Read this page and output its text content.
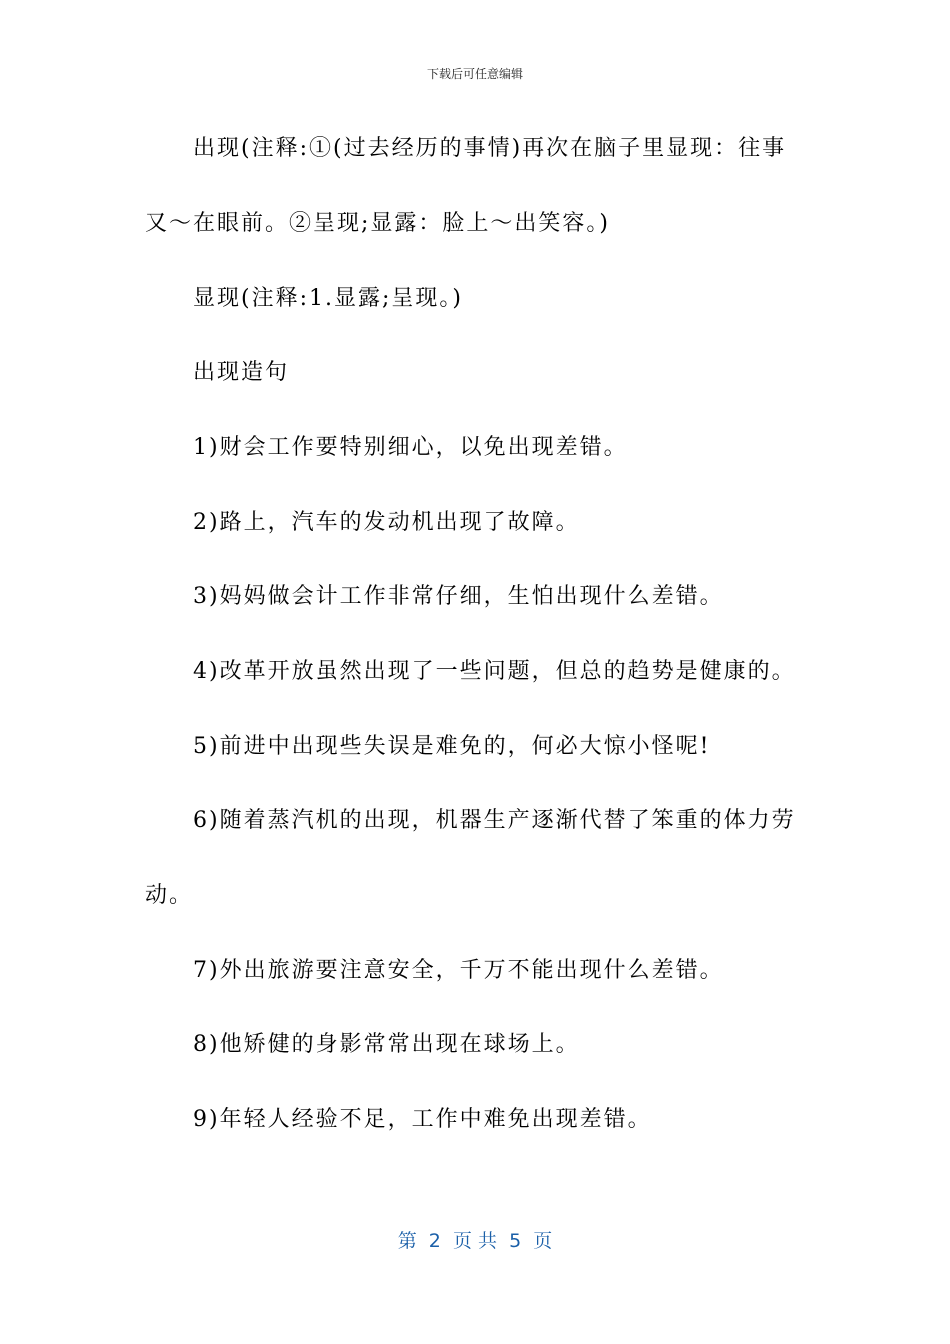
下载后可任意编辑
出现(注释:①(过去经历的事情)再次在脑子里显现：往事
又～在眼前。②呈现;显露：脸上～出笑容。)
显现(注释:1.显露;呈现。)
出现造句
1)财会工作要特别细心，以免出现差错。
2)路上，汽车的发动机出现了故障。
3)妈妈做会计工作非常仔细，生怕出现什么差错。
4)改革开放虽然出现了一些问题，但总的趋势是健康的。
5)前进中出现些失误是难免的，何必大惊小怪呢!
6)随着蒸汽机的出现，机器生产逐渐代替了笨重的体力劳
动。
7)外出旅游要注意安全，千万不能出现什么差错。
8)他矫健的身影常常出现在球场上。
9)年轻人经验不足，工作中难免出现差错。
第  2  页 共  5  页
